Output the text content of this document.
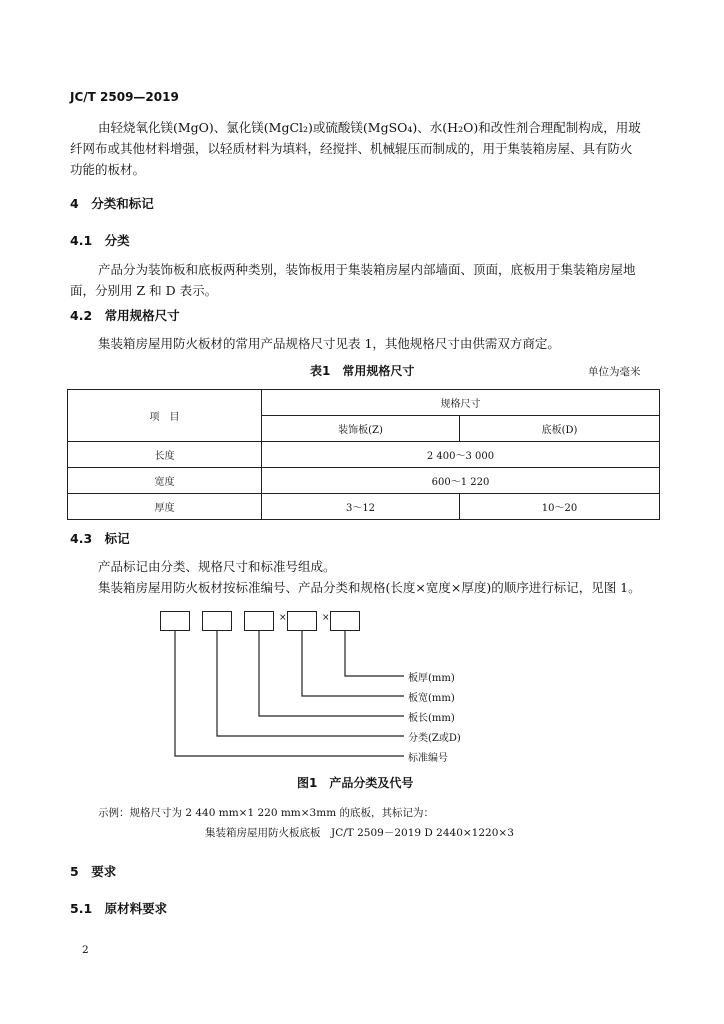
JC/T 2509—2019
由轻烧氧化镁(MgO)、氯化镁(MgCl₂)或硫酸镁(MgSO₄)、水(H₂O)和改性剂合理配制构成，用玻
纤网布或其他材料增强，以轻质材料为填料，经搅拌、机械辊压而制成的，用于集装箱房屋、具有防火
功能的板材。
4　分类和标记
4.1　分类
产品分为装饰板和底板两种类别，装饰板用于集装箱房屋内部墙面、顶面，底板用于集装箱房屋地
面，分别用 Z 和 D 表示。
4.2　常用规格尺寸
集装箱房屋用防火板材的常用产品规格尺寸见表 1，其他规格尺寸由供需双方商定。
表1　常用规格尺寸	单位为毫米
项　目	规格尺寸	
	装饰板(Z)	底板(D)
长度	2 400～3 000	
宽度	600～1 220	
厚度	3～12	10～20
4.3　标记
产品标记由分类、规格尺寸和标准号组成。
集装箱房屋用防火板材按标准编号、产品分类和规格(长度×宽度×厚度)的顺序进行标记，见图 1。
×	×
板厚(mm)
板宽(mm)
板长(mm)
分类(Z或D)
标准编号
图1　产品分类及代号
示例：规格尺寸为 2 440 mm×1 220 mm×3mm 的底板，其标记为：
集装箱房屋用防火板底板　JC/T 2509－2019 D 2440×1220×3
5　要求
5.1　原材料要求
2
